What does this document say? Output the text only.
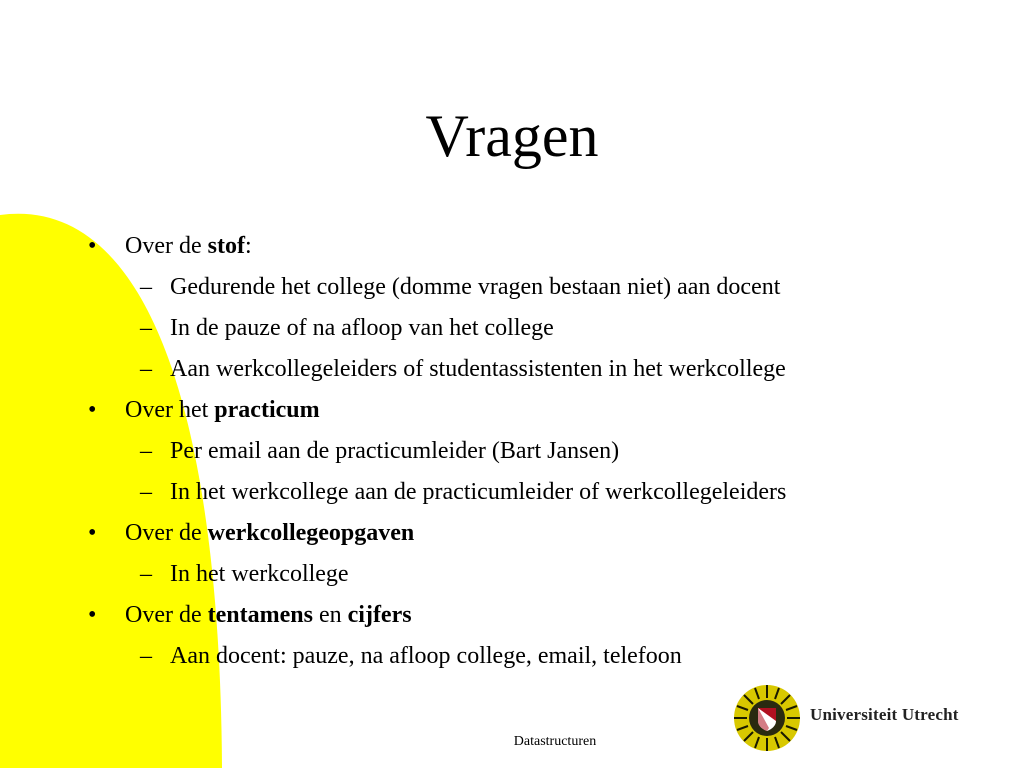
Vragen
• Over de stof:
– Gedurende het college (domme vragen bestaan niet) aan docent
– In de pauze of na afloop van het college
– Aan werkcollegeleiders of studentassistenten in het werkcollege
• Over het practicum
– Per email aan de practicumleider (Bart Jansen)
– In het werkcollege aan de practicumleider of werkcollegeleiders
• Over de werkcollegeopgaven
– In het werkcollege
• Over de tentamens en cijfers
– Aan docent: pauze, na afloop college, email, telefoon
Datastructuren
Universiteit Utrecht
